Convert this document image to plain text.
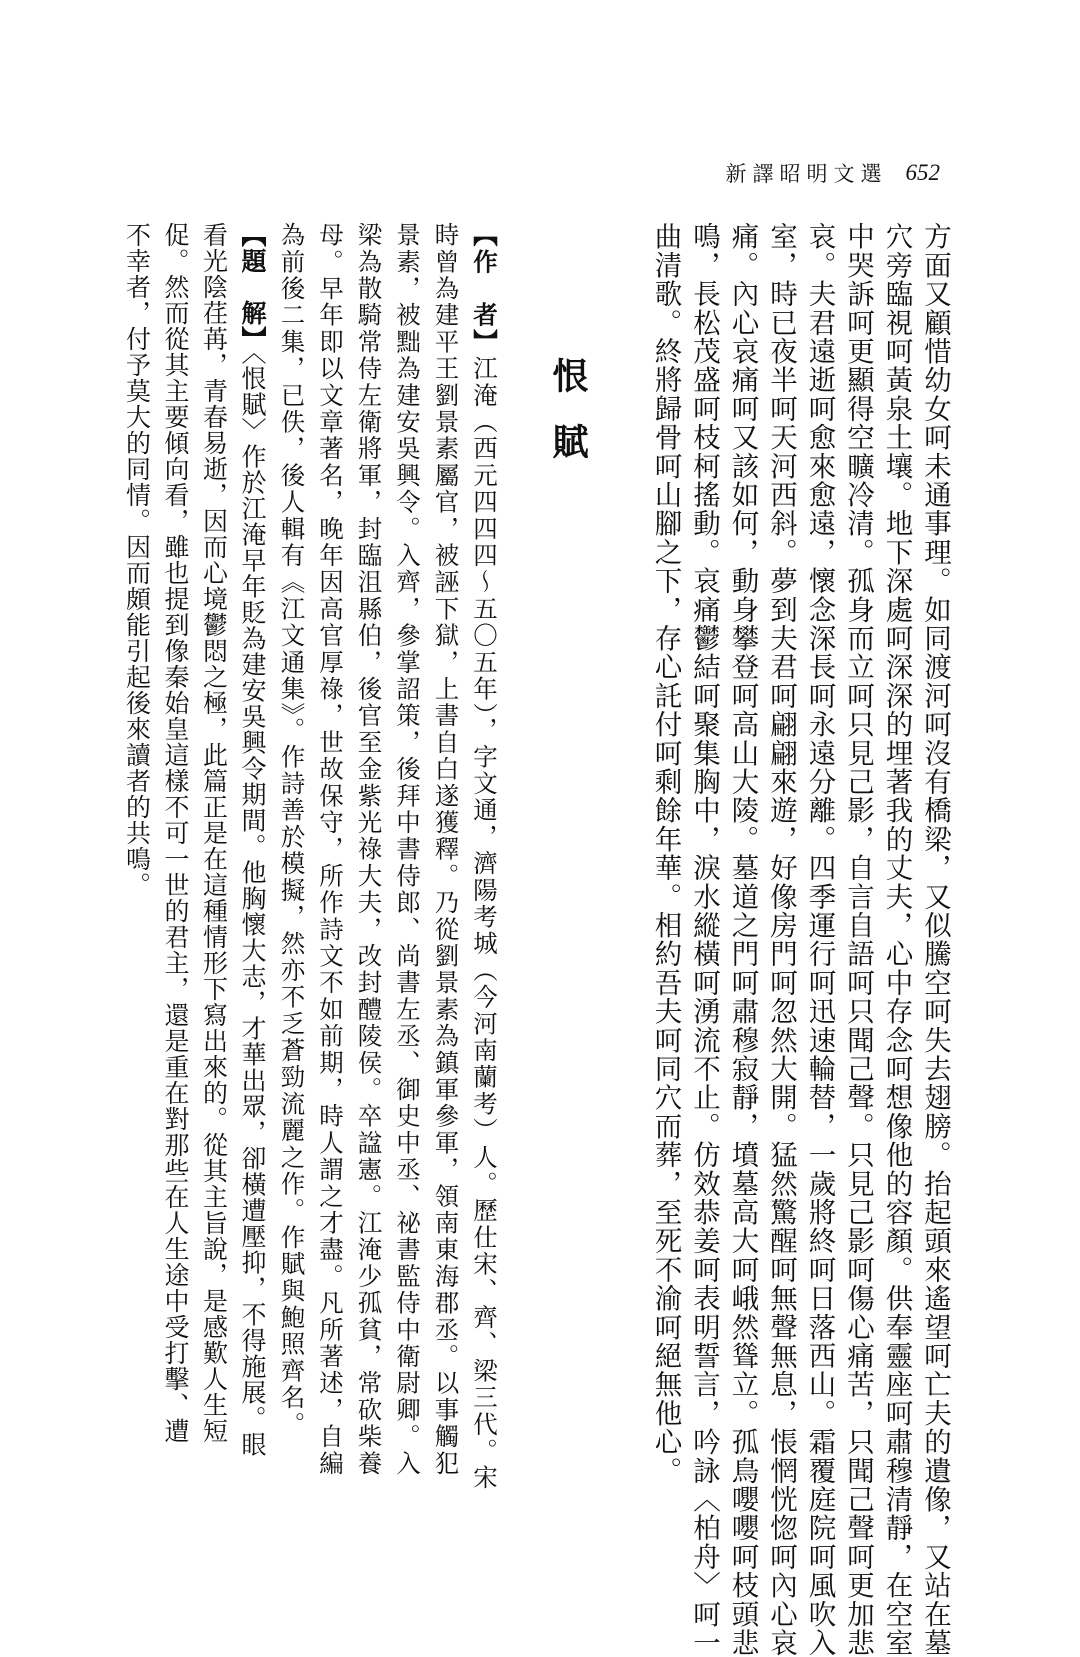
新譯昭明文選 652
方面又顧惜幼女呵未通事理。如同渡河呵沒有橋梁，又似騰空呵失去翅膀。抬起頭來遙望呵亡夫的遺像，又站在墓
穴旁臨視呵黃泉土壤。地下深處呵深深的埋著我的丈夫，心中存念呵想像他的容顏。供奉靈座呵肅穆清靜，在空室
中哭訴呵更顯得空曠冷清。孤身而立呵只見己影，自言自語呵只聞己聲。只見己影呵傷心痛苦，只聞己聲呵更加悲
哀。夫君遠逝呵愈來愈遠，懷念深長呵永遠分離。四季運行呵迅速輪替，一歲將終呵日落西山。霜覆庭院呵風吹入
室，時已夜半呵天河西斜。夢到夫君呵翩翩來遊，好像房門呵忽然大開。猛然驚醒呵無聲無息，悵惘恍惚呵內心哀
痛。內心哀痛呵又該如何，動身攀登呵高山大陵。墓道之門呵肅穆寂靜，墳墓高大呵峨然聳立。孤鳥嚶嚶呵枝頭悲
鳴，長松茂盛呵枝柯搖動。哀痛鬱結呵聚集胸中，淚水縱橫呵湧流不止。仿效恭姜呵表明誓言，吟詠〈柏舟〉呵一
曲清歌。終將歸骨呵山腳之下，存心託付呵剩餘年華。相約吾夫呵同穴而葬，至死不渝呵絕無他心。
恨賦
【作　者】江淹（西元四四四～五〇五年），字文通，濟陽考城（今河南蘭考）人。歷仕宋、齊、梁三代。宋
時曾為建平王劉景素屬官，被誣下獄，上書自白遂獲釋。乃從劉景素為鎮軍參軍，領南東海郡丞。以事觸犯
景素，被黜為建安吳興令。入齊，參掌詔策，後拜中書侍郎、尚書左丞、御史中丞、祕書監侍中衛尉卿。入
梁為散騎常侍左衛將軍，封臨沮縣伯，後官至金紫光祿大夫，改封醴陵侯。卒諡憲。江淹少孤貧，常砍柴養
母。早年即以文章著名，晚年因高官厚祿，世故保守，所作詩文不如前期，時人謂之才盡。凡所著述，自編
為前後二集，已佚，後人輯有《江文通集》。作詩善於模擬，然亦不乏蒼勁流麗之作。作賦與鮑照齊名。
【題　解】〈恨賦〉作於江淹早年貶為建安吳興令期間。他胸懷大志，才華出眾，卻橫遭壓抑，不得施展。眼
看光陰荏苒，青春易逝，因而心境鬱悶之極，此篇正是在這種情形下寫出來的。從其主旨說，是感歎人生短
促。然而從其主要傾向看，雖也提到像秦始皇這樣不可一世的君主，還是重在對那些在人生途中受打擊、遭
不幸者，付予莫大的同情。因而頗能引起後來讀者的共鳴。
